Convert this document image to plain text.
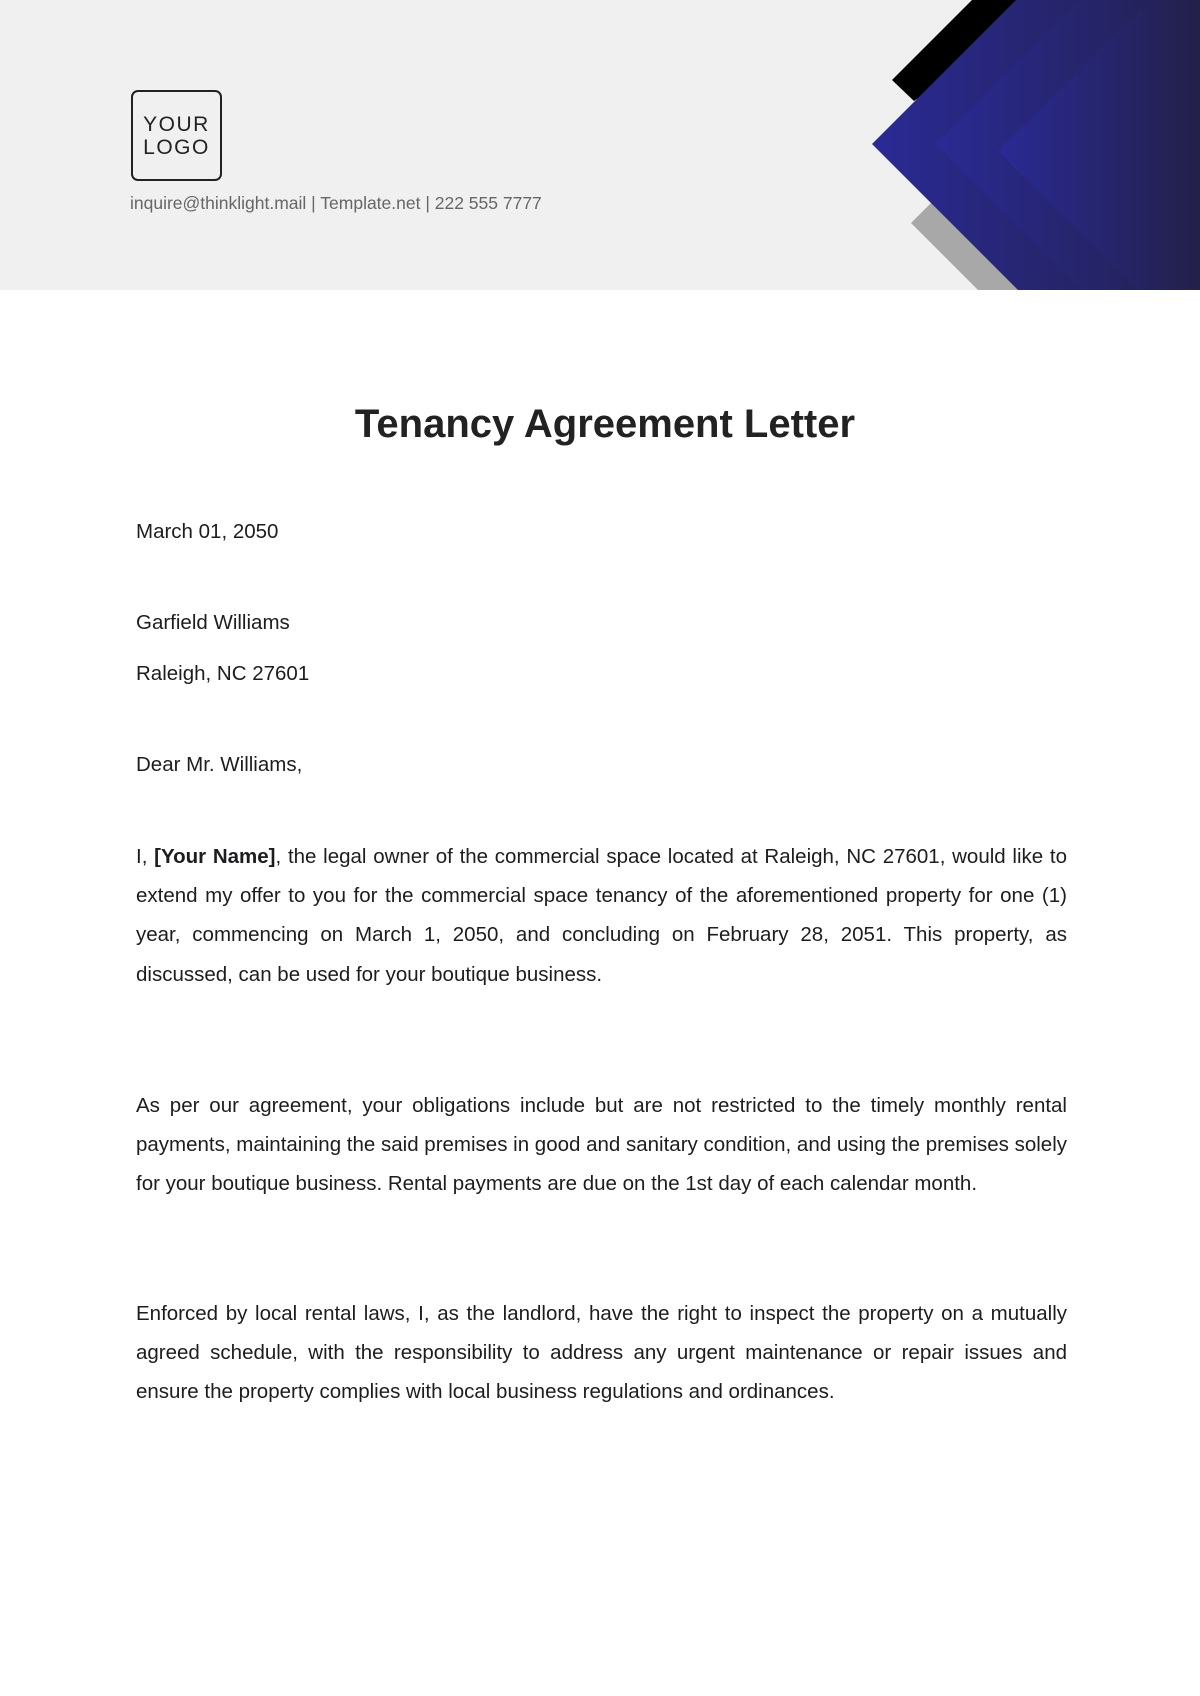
YOUR
LOGO
inquire@thinklight.mail | Template.net | 222 555 7777
Tenancy Agreement Letter
March 01, 2050
Garfield Williams
Raleigh, NC 27601
Dear Mr. Williams,
I, [Your Name], the legal owner of the commercial space located at Raleigh, NC 27601, would like to extend my offer to you for the commercial space tenancy of the aforementioned property for one (1) year, commencing on March 1, 2050, and concluding on February 28, 2051. This property, as discussed, can be used for your boutique business.
As per our agreement, your obligations include but are not restricted to the timely monthly rental payments, maintaining the said premises in good and sanitary condition, and using the premises solely for your boutique business. Rental payments are due on the 1st day of each calendar month.
Enforced by local rental laws, I, as the landlord, have the right to inspect the property on a mutually agreed schedule, with the responsibility to address any urgent maintenance or repair issues and ensure the property complies with local business regulations and ordinances.
